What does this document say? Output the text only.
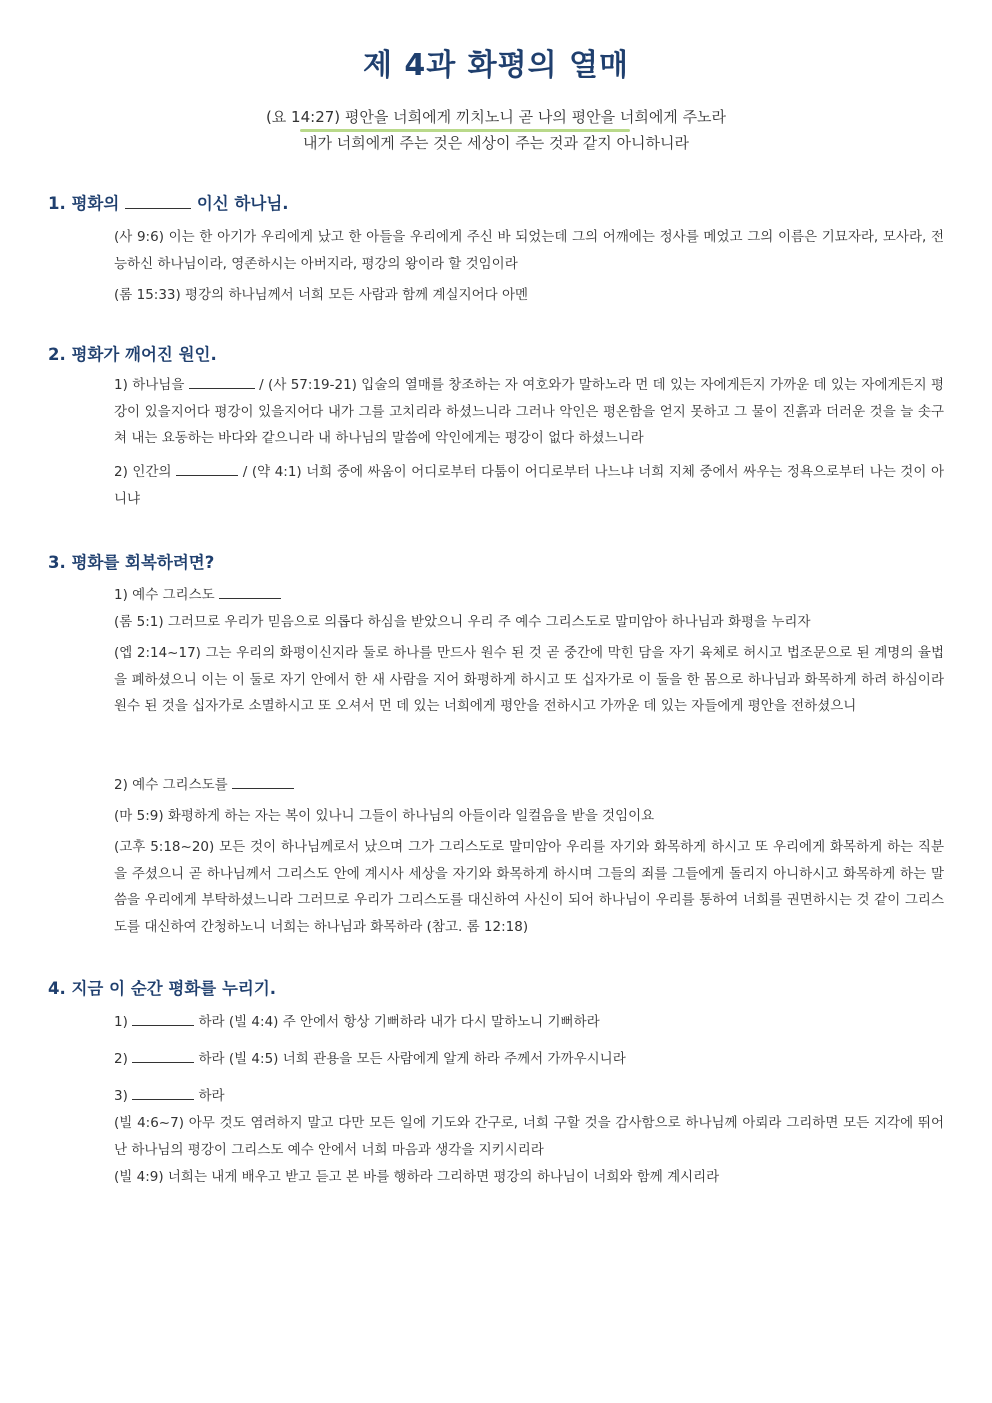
제 4과 화평의 열매
(요 14:27) 평안을 너희에게 끼치노니 곧 나의 평안을 너희에게 주노라
내가 너희에게 주는 것은 세상이 주는 것과 같지 아니하니라
1. 평화의	이신 하나님.

(사 9:6) 이는 한 아기가 우리에게 났고 한 아들을 우리에게 주신 바 되었는데 그의 어깨에는 정사를 메었고 그의 이름은 기묘자라, 모사라, 전능하신 하나님이라, 영존하시는 아버지라, 평강의 왕이라 할 것임이라

(롬 15:33) 평강의 하나님께서 너희 모든 사람과 함께 계실지어다 아멘

2. 평화가 깨어진 원인.

1) 하나님을	/ (사 57:19-21) 입술의 열매를 창조하는 자 여호와가 말하노라 먼 데 있는 자에게든지 가까운 데 있는 자에게든지 평강이 있을지어다 평강이 있을지어다 내가 그를 고치리라 하셨느니라 그러나 악인은 평온함을 얻지 못하고 그 물이 진흙과 더러운 것을 늘 솟구쳐 내는 요동하는 바다와 같으니라 내 하나님의 말씀에 악인에게는 평강이 없다 하셨느니라

2) 인간의	/ (약 4:1) 너희 중에 싸움이 어디로부터 다툼이 어디로부터 나느냐 너희 지체 중에서 싸우는 정욕으로부터 나는 것이 아니냐

3. 평화를 회복하려면?
1) 예수 그리스도

(롬 5:1) 그러므로 우리가 믿음으로 의롭다 하심을 받았으니 우리 주 예수 그리스도로 말미암아 하나님과 화평을 누리자

(엡 2:14~17) 그는 우리의 화평이신지라 둘로 하나를 만드사 원수 된 것 곧 중간에 막힌 담을 자기 육체로 허시고 법조문으로 된 계명의 율법을 폐하셨으니 이는 이 둘로 자기 안에서 한 새 사람을 지어 화평하게 하시고 또 십자가로 이 둘을 한 몸으로 하나님과 화목하게 하려 하심이라 원수 된 것을 십자가로 소멸하시고 또 오셔서 먼 데 있는 너희에게 평안을 전하시고 가까운 데 있는 자들에게 평안을 전하셨으니

2) 예수 그리스도를

(마 5:9) 화평하게 하는 자는 복이 있나니 그들이 하나님의 아들이라 일컬음을 받을 것임이요

(고후 5:18~20) 모든 것이 하나님께로서 났으며 그가 그리스도로 말미암아 우리를 자기와 화목하게 하시고 또 우리에게 화목하게 하는 직분을 주셨으니 곧 하나님께서 그리스도 안에 계시사 세상을 자기와 화목하게 하시며 그들의 죄를 그들에게 돌리지 아니하시고 화목하게 하는 말씀을 우리에게 부탁하셨느니라 그러므로 우리가 그리스도를 대신하여 사신이 되어 하나님이 우리를 통하여 너희를 권면하시는 것 같이 그리스도를 대신하여 간청하노니 너희는 하나님과 화목하라 (참고. 롬 12:18)

4. 지금 이 순간 평화를 누리기.
1)	하라 (빌 4:4) 주 안에서 항상 기뻐하라 내가 다시 말하노니 기뻐하라
2)	하라 (빌 4:5) 너희 관용을 모든 사람에게 알게 하라 주께서 가까우시니라
3)	하라

(빌 4:6~7) 아무 것도 염려하지 말고 다만 모든 일에 기도와 간구로, 너희 구할 것을 감사함으로 하나님께 아뢰라 그리하면 모든 지각에 뛰어난 하나님의 평강이 그리스도 예수 안에서 너희 마음과 생각을 지키시리라

(빌 4:9) 너희는 내게 배우고 받고 듣고 본 바를 행하라 그리하면 평강의 하나님이 너희와 함께 계시리라
